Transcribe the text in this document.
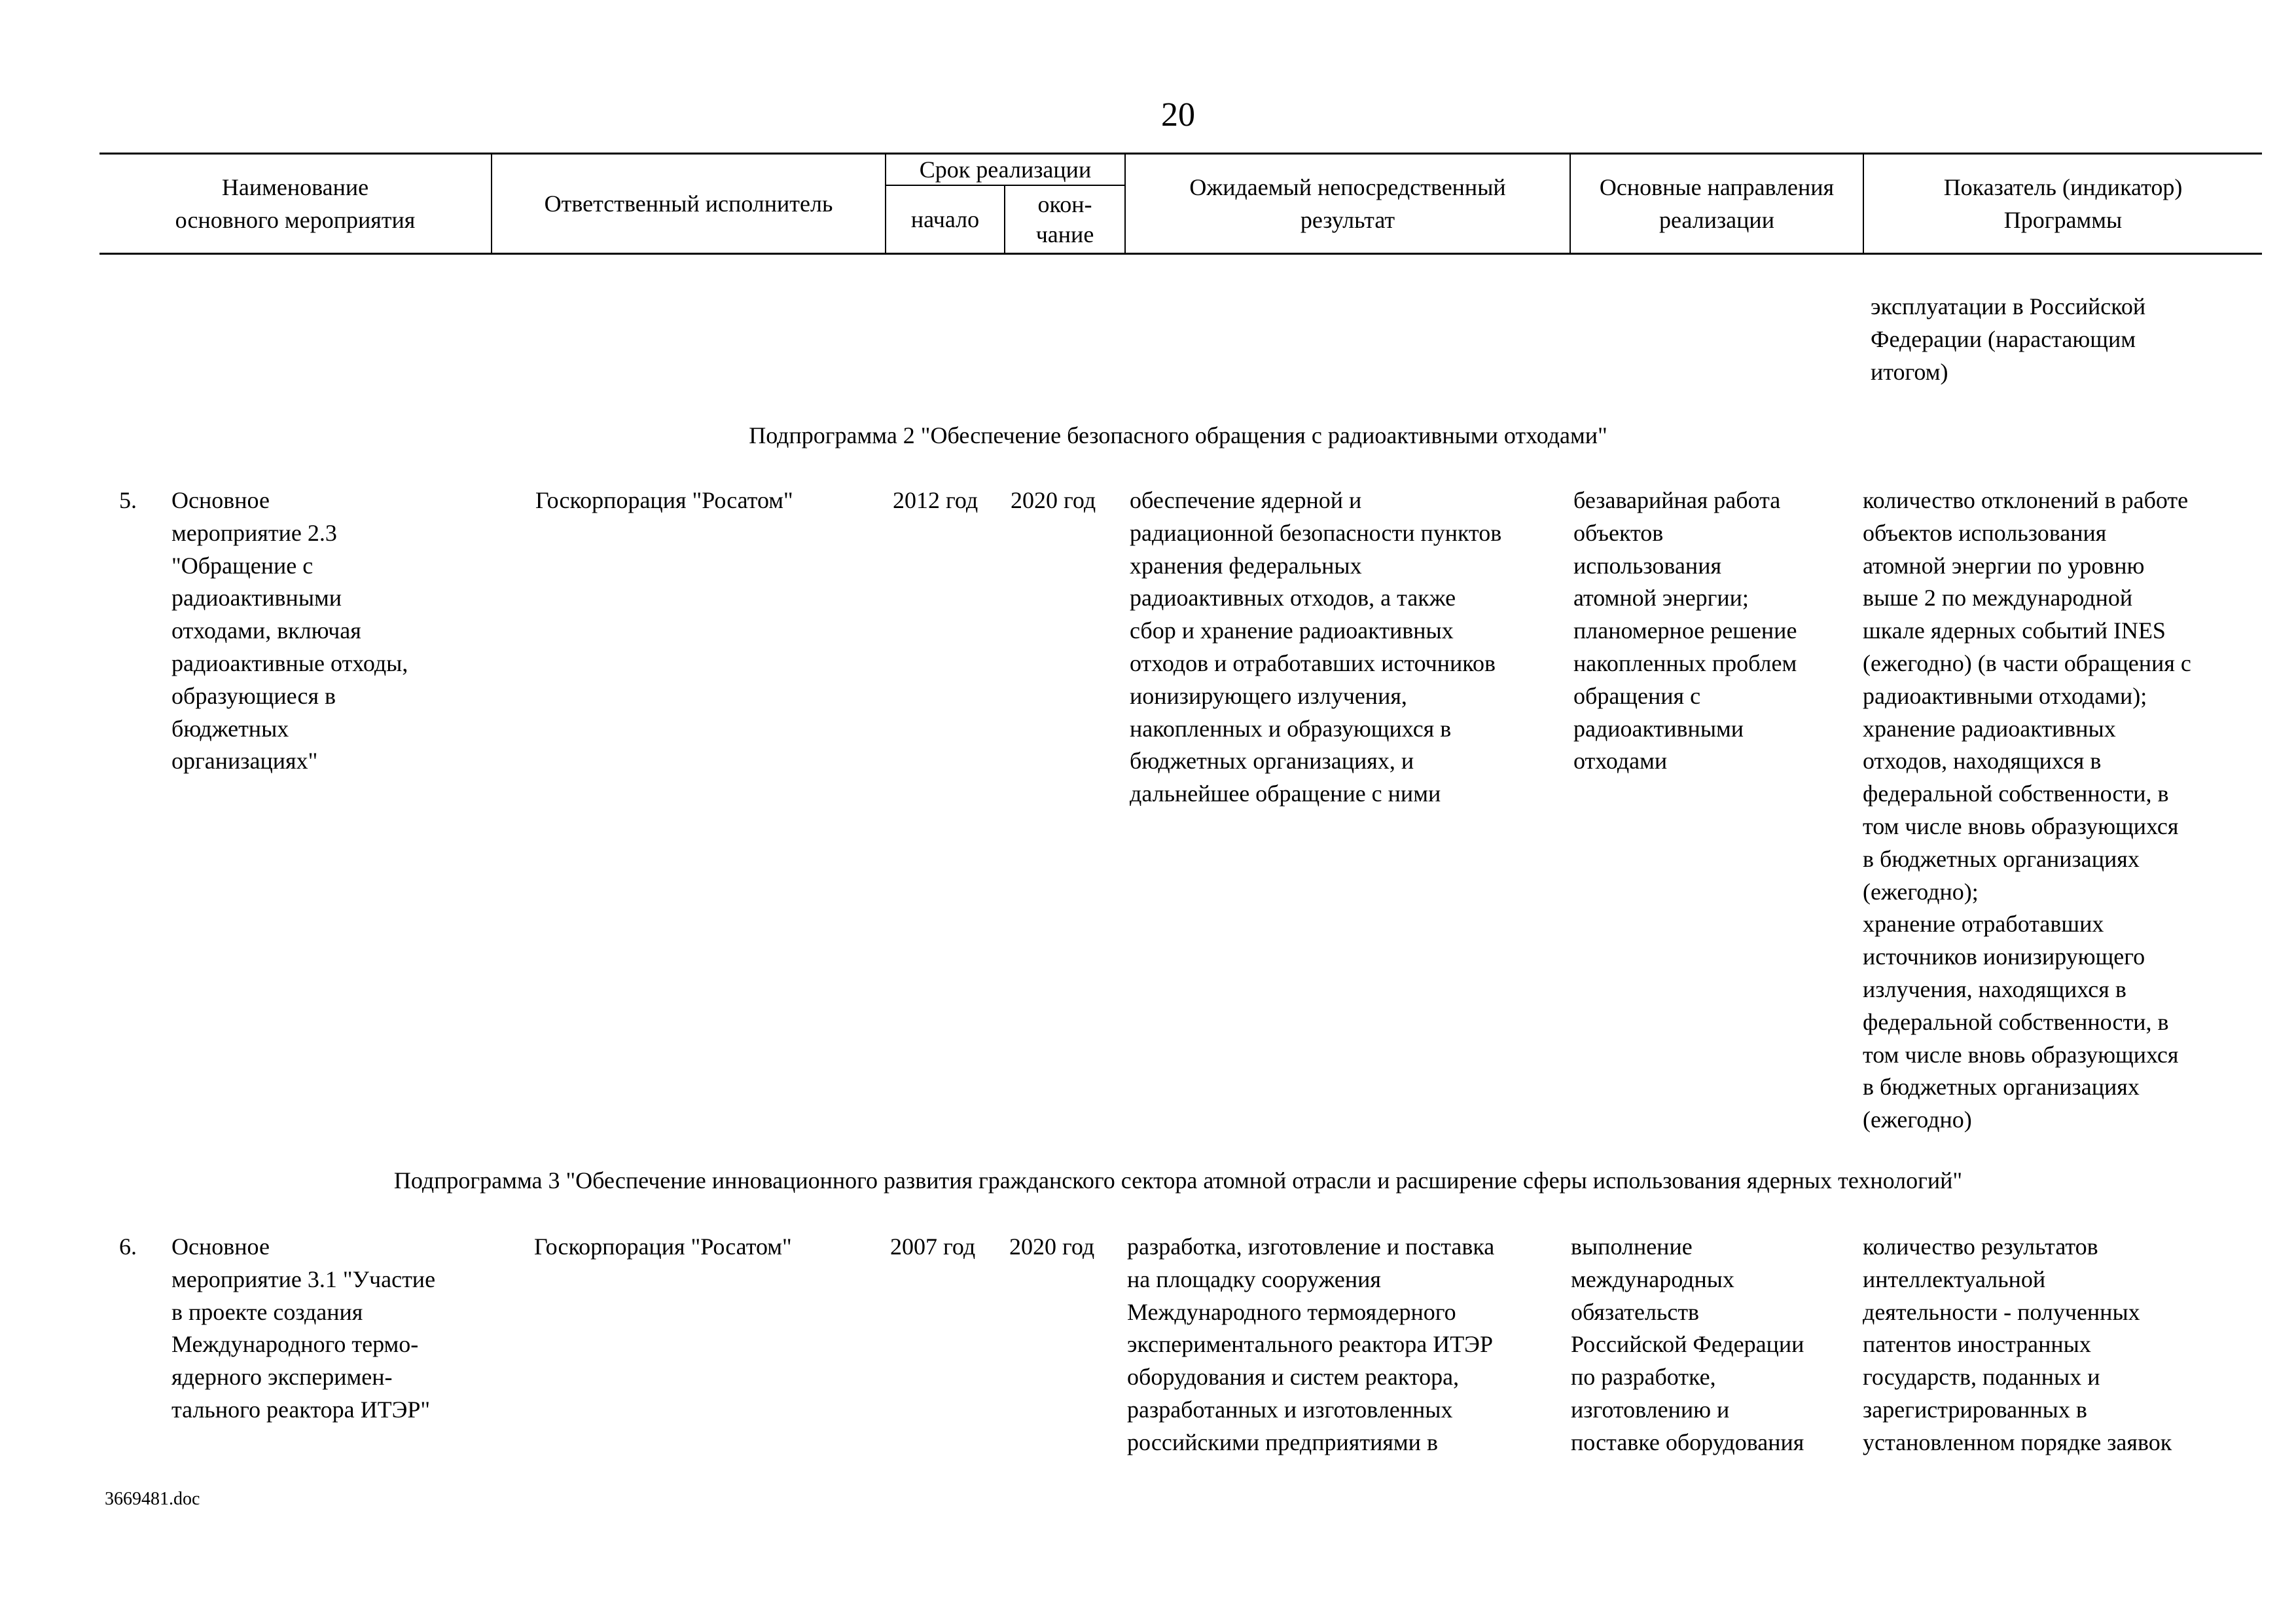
20
Наименование
основного мероприятия
Ответственный исполнитель
Срок реализации
начало
окон-
чание
Ожидаемый непосредственный
результат
Основные направления
реализации
Показатель (индикатор)
Программы
эксплуатации в Российской
Федерации (нарастающим
итогом)
Подпрограмма 2 "Обеспечение безопасного обращения с радиоактивными отходами"
5. Основное
мероприятие 2.3
"Обращение с
радиоактивными
отходами, включая
радиоактивные отходы,
образующиеся в
бюджетных
организациях"
Госкорпорация "Росатом"	2012 год 2020 год обеспечение ядерной и
радиационной безопасности пунктов
хранения федеральных
радиоактивных отходов, а также
сбор и хранение радиоактивных
отходов и отработавших источников
ионизирующего излучения,
накопленных и образующихся в
бюджетных организациях, и
дальнейшее обращение с ними
безаварийная работа
объектов
использования
атомной энергии;
планомерное решение
накопленных проблем
обращения с
радиоактивными
отходами
количество отклонений в работе
объектов использования
атомной энергии по уровню
выше 2 по международной
шкале ядерных событий INES
(ежегодно) (в части обращения с
радиоактивными отходами);
хранение радиоактивных
отходов, находящихся в
федеральной собственности, в
том числе вновь образующихся
в бюджетных организациях
(ежегодно);
хранение отработавших
источников ионизирующего
излучения, находящихся в
федеральной собственности, в
том числе вновь образующихся
в бюджетных организациях
(ежегодно)
Подпрограмма 3 "Обеспечение инновационного развития гражданского сектора атомной отрасли и расширение сферы использования ядерных технологий"
6. Основное
мероприятие 3.1 "Участие
в проекте создания
Международного термо-
ядерного эксперимен-
тального реактора ИТЭР"
Госкорпорация "Росатом"	2007 год 2020 год разработка, изготовление и поставка
на площадку сооружения
Международного термоядерного
экспериментального реактора ИТЭР
оборудования и систем реактора,
разработанных и изготовленных
российскими предприятиями в
выполнение
международных
обязательств
Российской Федерации
по разработке,
изготовлению и
поставке оборудования
количество результатов
интеллектуальной
деятельности - полученных
патентов иностранных
государств, поданных и
зарегистрированных в
установленном порядке заявок
3669481.doc
